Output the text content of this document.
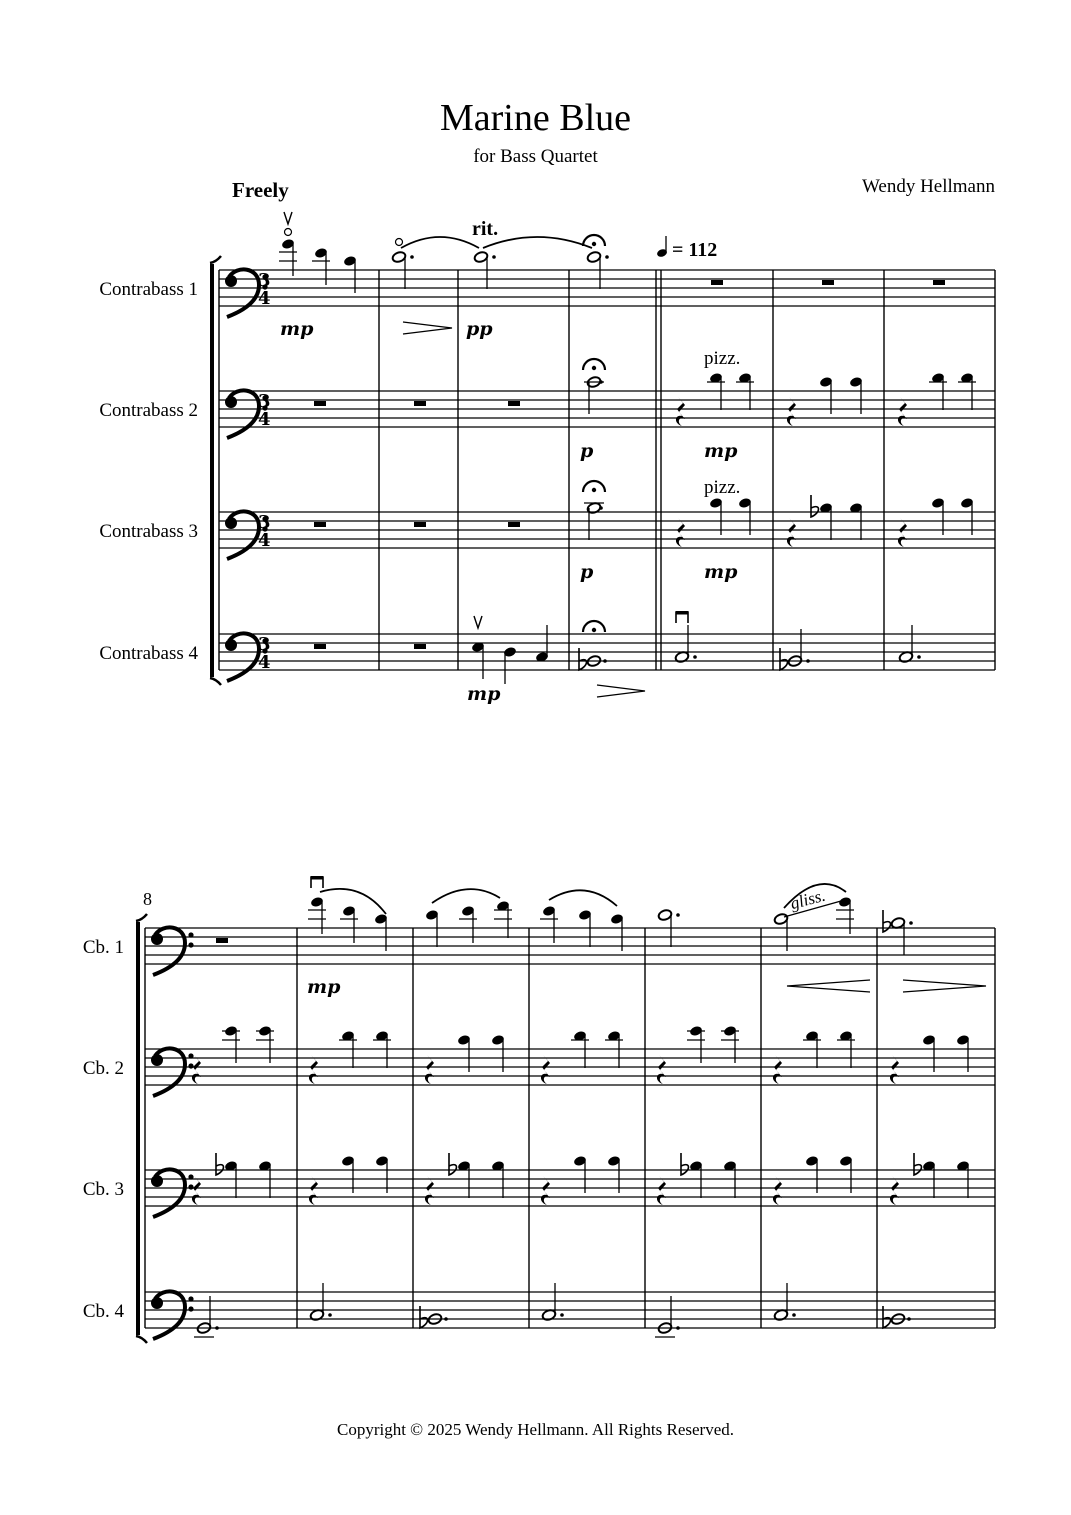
Marine Blue
for Bass Quartet
Wendy Hellmann
Freely
rit.
Contrabass 1
Contrabass 2
Contrabass 3
Contrabass 4
Cb. 1
Cb. 2
Cb. 3
Cb. 4
Copyright © 2025 Wendy Hellmann. All Rights Reserved.
3
4
3
4
3
4
3
4
= 112
mp	pp
pizz.
p	mp
pizz.
p	mp
mp
8	gliss.
mp
